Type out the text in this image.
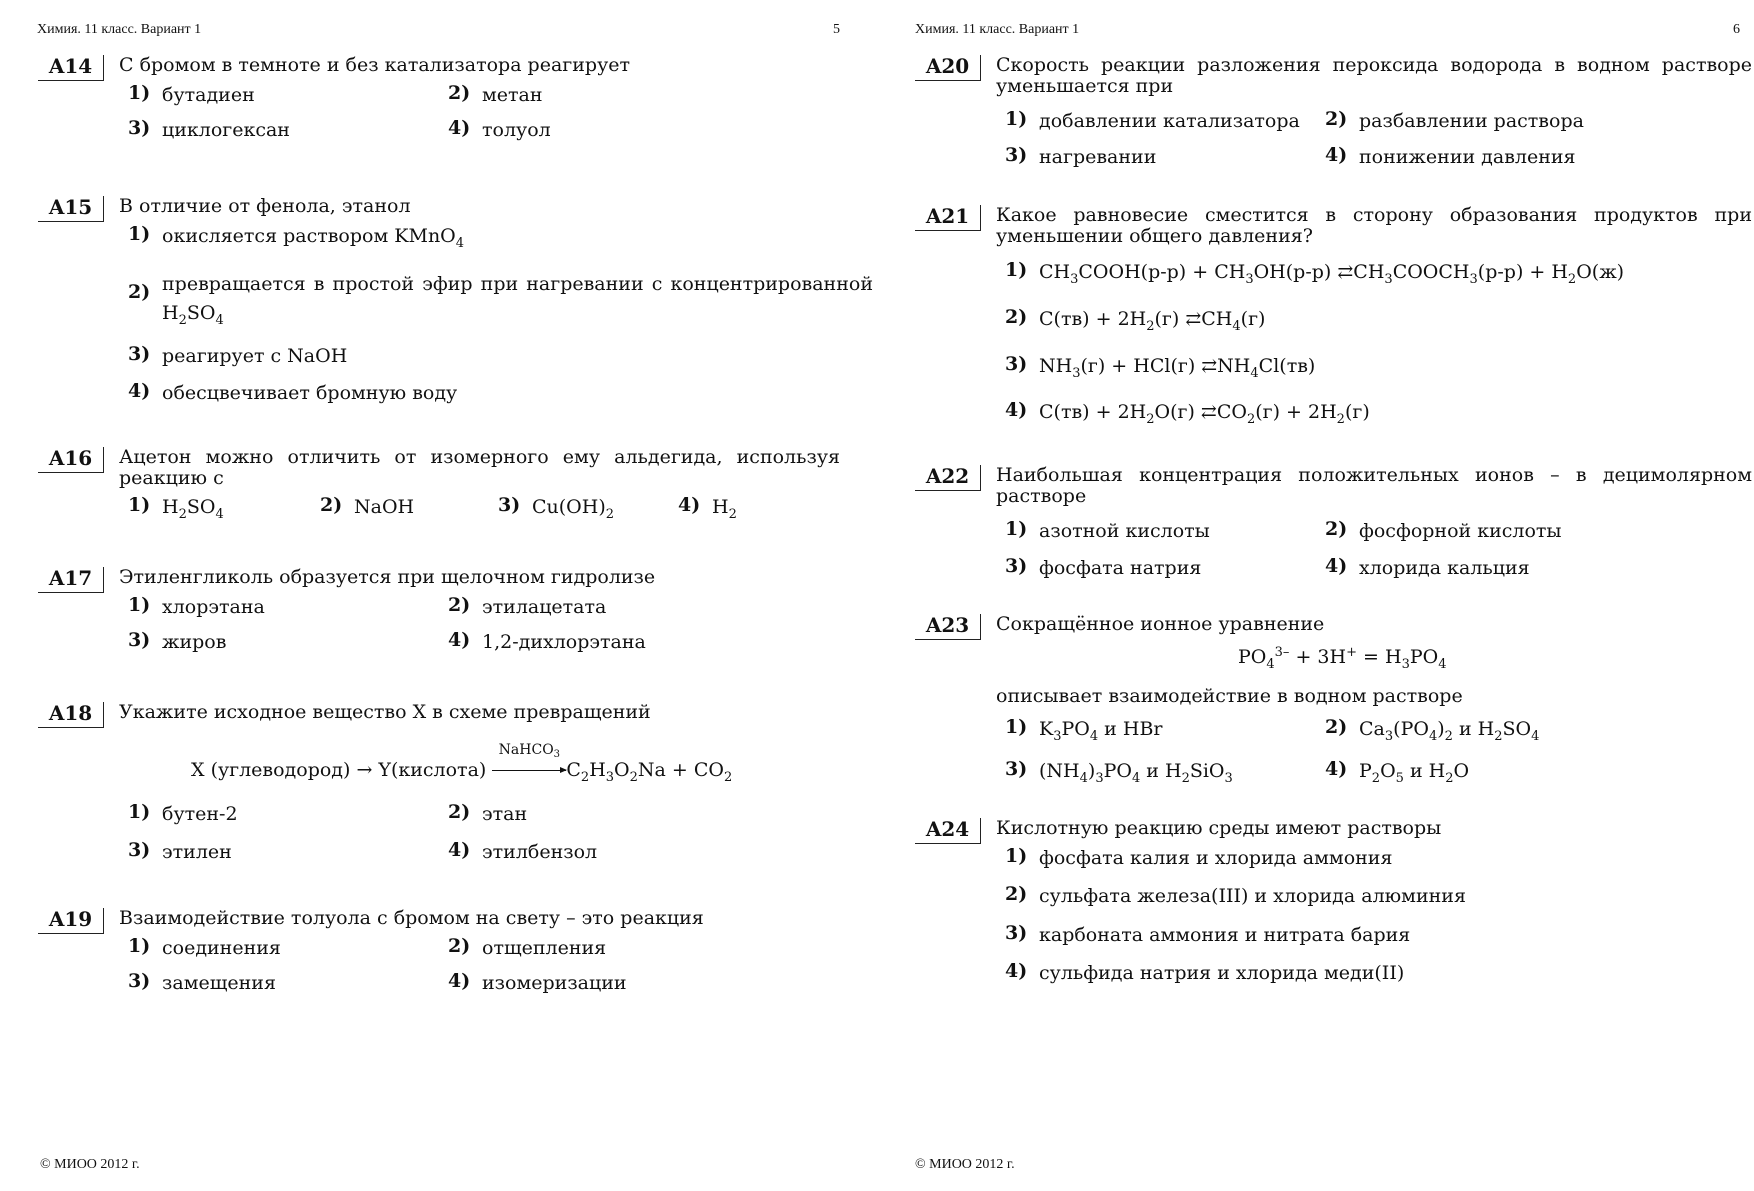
Химия. 11 класс. Вариант 1	5
A14	С бромом в темноте и без катализатора реагирует
1) бутадиен	2) метан
3) циклогексан	4) толуол
A15	В отличие от фенола, этанол
1) окисляется раствором KMnO$_4$
2) превращается в простой эфир при нагревании с концентрированной $H_2SO_4$
3) реагирует с NaOH
4) обесцвечивает бромную воду
A16	Ацетон можно отличить от изомерного ему альдегида, используя реакцию с
1) $H_2SO_4$	2) NaOH	3) $Cu(OH)_2$	4) $H_2$
A17	Этиленгликоль образуется при щелочном гидролизе
1) хлорэтана	2) этилацетата
3) жиров	4) 1,2-дихлорэтана
A18	Укажите исходное вещество X в схеме превращений
X (углеводород) → Y(кислота)
NaHCO$_3$
$C_2H_3O_2Na + CO_2$
1) бутен-2	2) этан
3) этилен	4) этилбензол
A19	Взаимодействие толуола с бромом на свету – это реакция
1) соединения	2) отщепления
3) замещения	4) изомеризации
© МИОО 2012 г.
Химия. 11 класс. Вариант 1	6
A20	Скорость реакции разложения пероксида водорода в водном растворе уменьшается при
1) добавлении катализатора 2) разбавлении раствора
3) нагревании	4) понижении давления
A21	Какое равновесие сместится в сторону образования продуктов при уменьшении общего давления?
1) $CH_3COOH(р-р) + CH_3OH(р-р)$ $⇄CH_3COOCH_3(р-р) + H_2O(ж)$
2) $C(тв) + 2H_2(г)$ $⇄CH_4(г)$
3) $NH_3(г) + HCl(г)$ $⇄NH_4Cl(тв)$
4) $C(тв) + 2H_2O(г)$ $⇄CO_2(г) + 2H_2(г)$
A22	Наибольшая концентрация положительных ионов – в децимолярном растворе
1) азотной кислоты	2) фосфорной кислоты
3) фосфата натрия	4) хлорида кальция
A23	Сокращённое ионное уравнение
$PO_4^{3-} + 3H^+ = H_3PO_4$
описывает взаимодействие в водном растворе
1) $K_3PO_4$ и HBr	2) $Ca_3(PO_4)_2$ и $H_2SO_4$
3) $(NH_4)_3PO_4$ и $H_2SiO_3$	4) $P_2O_5$ и $H_2O$
A24	Кислотную реакцию среды имеют растворы
1) фосфата калия и хлорида аммония
2) сульфата железа(III) и хлорида алюминия
3) карбоната аммония и нитрата бария
4) сульфида натрия и хлорида меди(II)
© МИОО 2012 г.
